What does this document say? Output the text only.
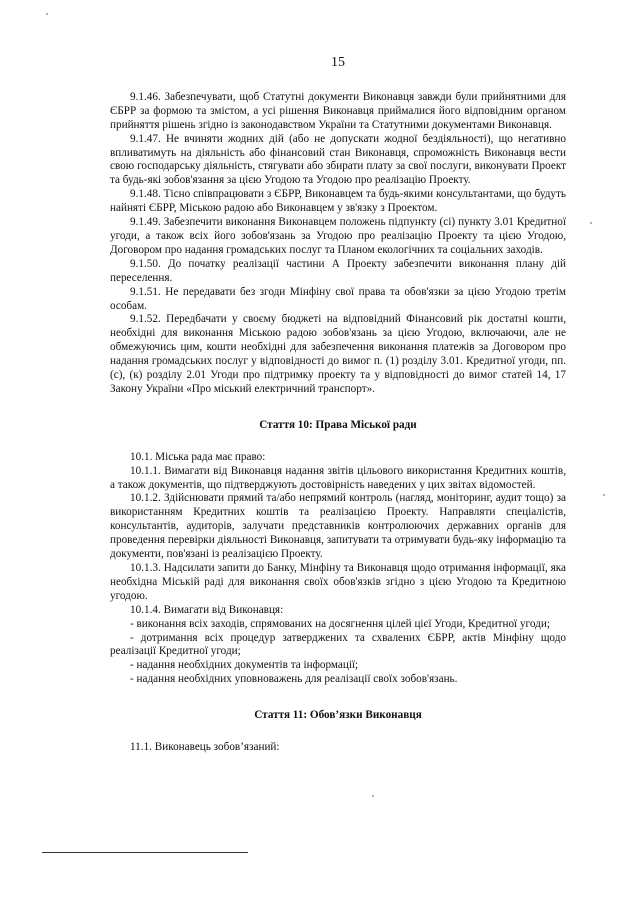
15

9.1.46. Забезпечувати, щоб Статутні документи Виконавця завжди були прийнятними для ЄБРР за формою та змістом, а усі рішення Виконавця приймалися його відповідним органом прийняття рішень згідно із законодавством України та Статутними документами Виконавця.

9.1.47. Не вчиняти жодних дій (або не допускати жодної бездіяльності), що негативно впливатимуть на діяльність або фінансовий стан Виконавця, спроможність Виконавця вести свою господарську діяльність, стягувати або збирати плату за свої послуги, виконувати Проект та будь-які зобов'язання за цією Угодою та Угодою про реалізацію Проекту.

9.1.48. Тісно співпрацювати з ЄБРР, Виконавцем та будь-якими консультантами, що будуть найняті ЄБРР, Міською радою або Виконавцем у зв'язку з Проектом.

9.1.49. Забезпечити виконання Виконавцем положень підпункту (сі) пункту 3.01 Кредитної угоди, а також всіх його зобов'язань за Угодою про реалізацію Проекту та цією Угодою, Договором про надання громадських послуг та Планом екологічних та соціальних заходів.

9.1.50. До початку реалізації частини А Проекту забезпечити виконання плану дій переселення.

9.1.51. Не передавати без згоди Мінфіну свої права та обов'язки за цією Угодою третім особам.

9.1.52. Передбачати у своєму бюджеті на відповідний Фінансовий рік достатні кошти, необхідні для виконання Міською радою зобов'язань за цією Угодою, включаючи, але не обмежуючись цим, кошти необхідні для забезпечення виконання платежів за Договором про надання громадських послуг у відповідності до вимог п. (1) розділу 3.01. Кредитної угоди, пп. (с), (к) розділу 2.01 Угоди про підтримку проекту та у відповідності до вимог статей 14, 17 Закону України «Про міський електричний транспорт».

Стаття 10: Права Міської ради

10.1. Міська рада має право:

10.1.1. Вимагати від Виконавця надання звітів цільового використання Кредитних коштів, а також документів, що підтверджують достовірність наведених у цих звітах відомостей.

10.1.2. Здійснювати прямий та/або непрямий контроль (нагляд, моніторинг, аудит тощо) за використанням Кредитних коштів та реалізацією Проекту. Направляти спеціалістів, консультантів, аудиторів, залучати представників контролюючих державних органів для проведення перевірки діяльності Виконавця, запитувати та отримувати будь-яку інформацію та документи, пов'язані із реалізацією Проекту.

10.1.3. Надсилати запити до Банку, Мінфіну та Виконавця щодо отримання інформації, яка необхідна Міській раді для виконання своїх обов'язків згідно з цією Угодою та Кредитною угодою.

10.1.4. Вимагати від Виконавця:

- виконання всіх заходів, спрямованих на досягнення цілей цієї Угоди, Кредитної угоди;

- дотримання всіх процедур затверджених та схвалених ЄБРР, актів Мінфіну щодо реалізації Кредитної угоди;

- надання необхідних документів та інформації;

- надання необхідних уповноважень для реалізації своїх зобов'язань.

Стаття 11: Обов’язки Виконавця

11.1. Виконавець зобов’язаний:
